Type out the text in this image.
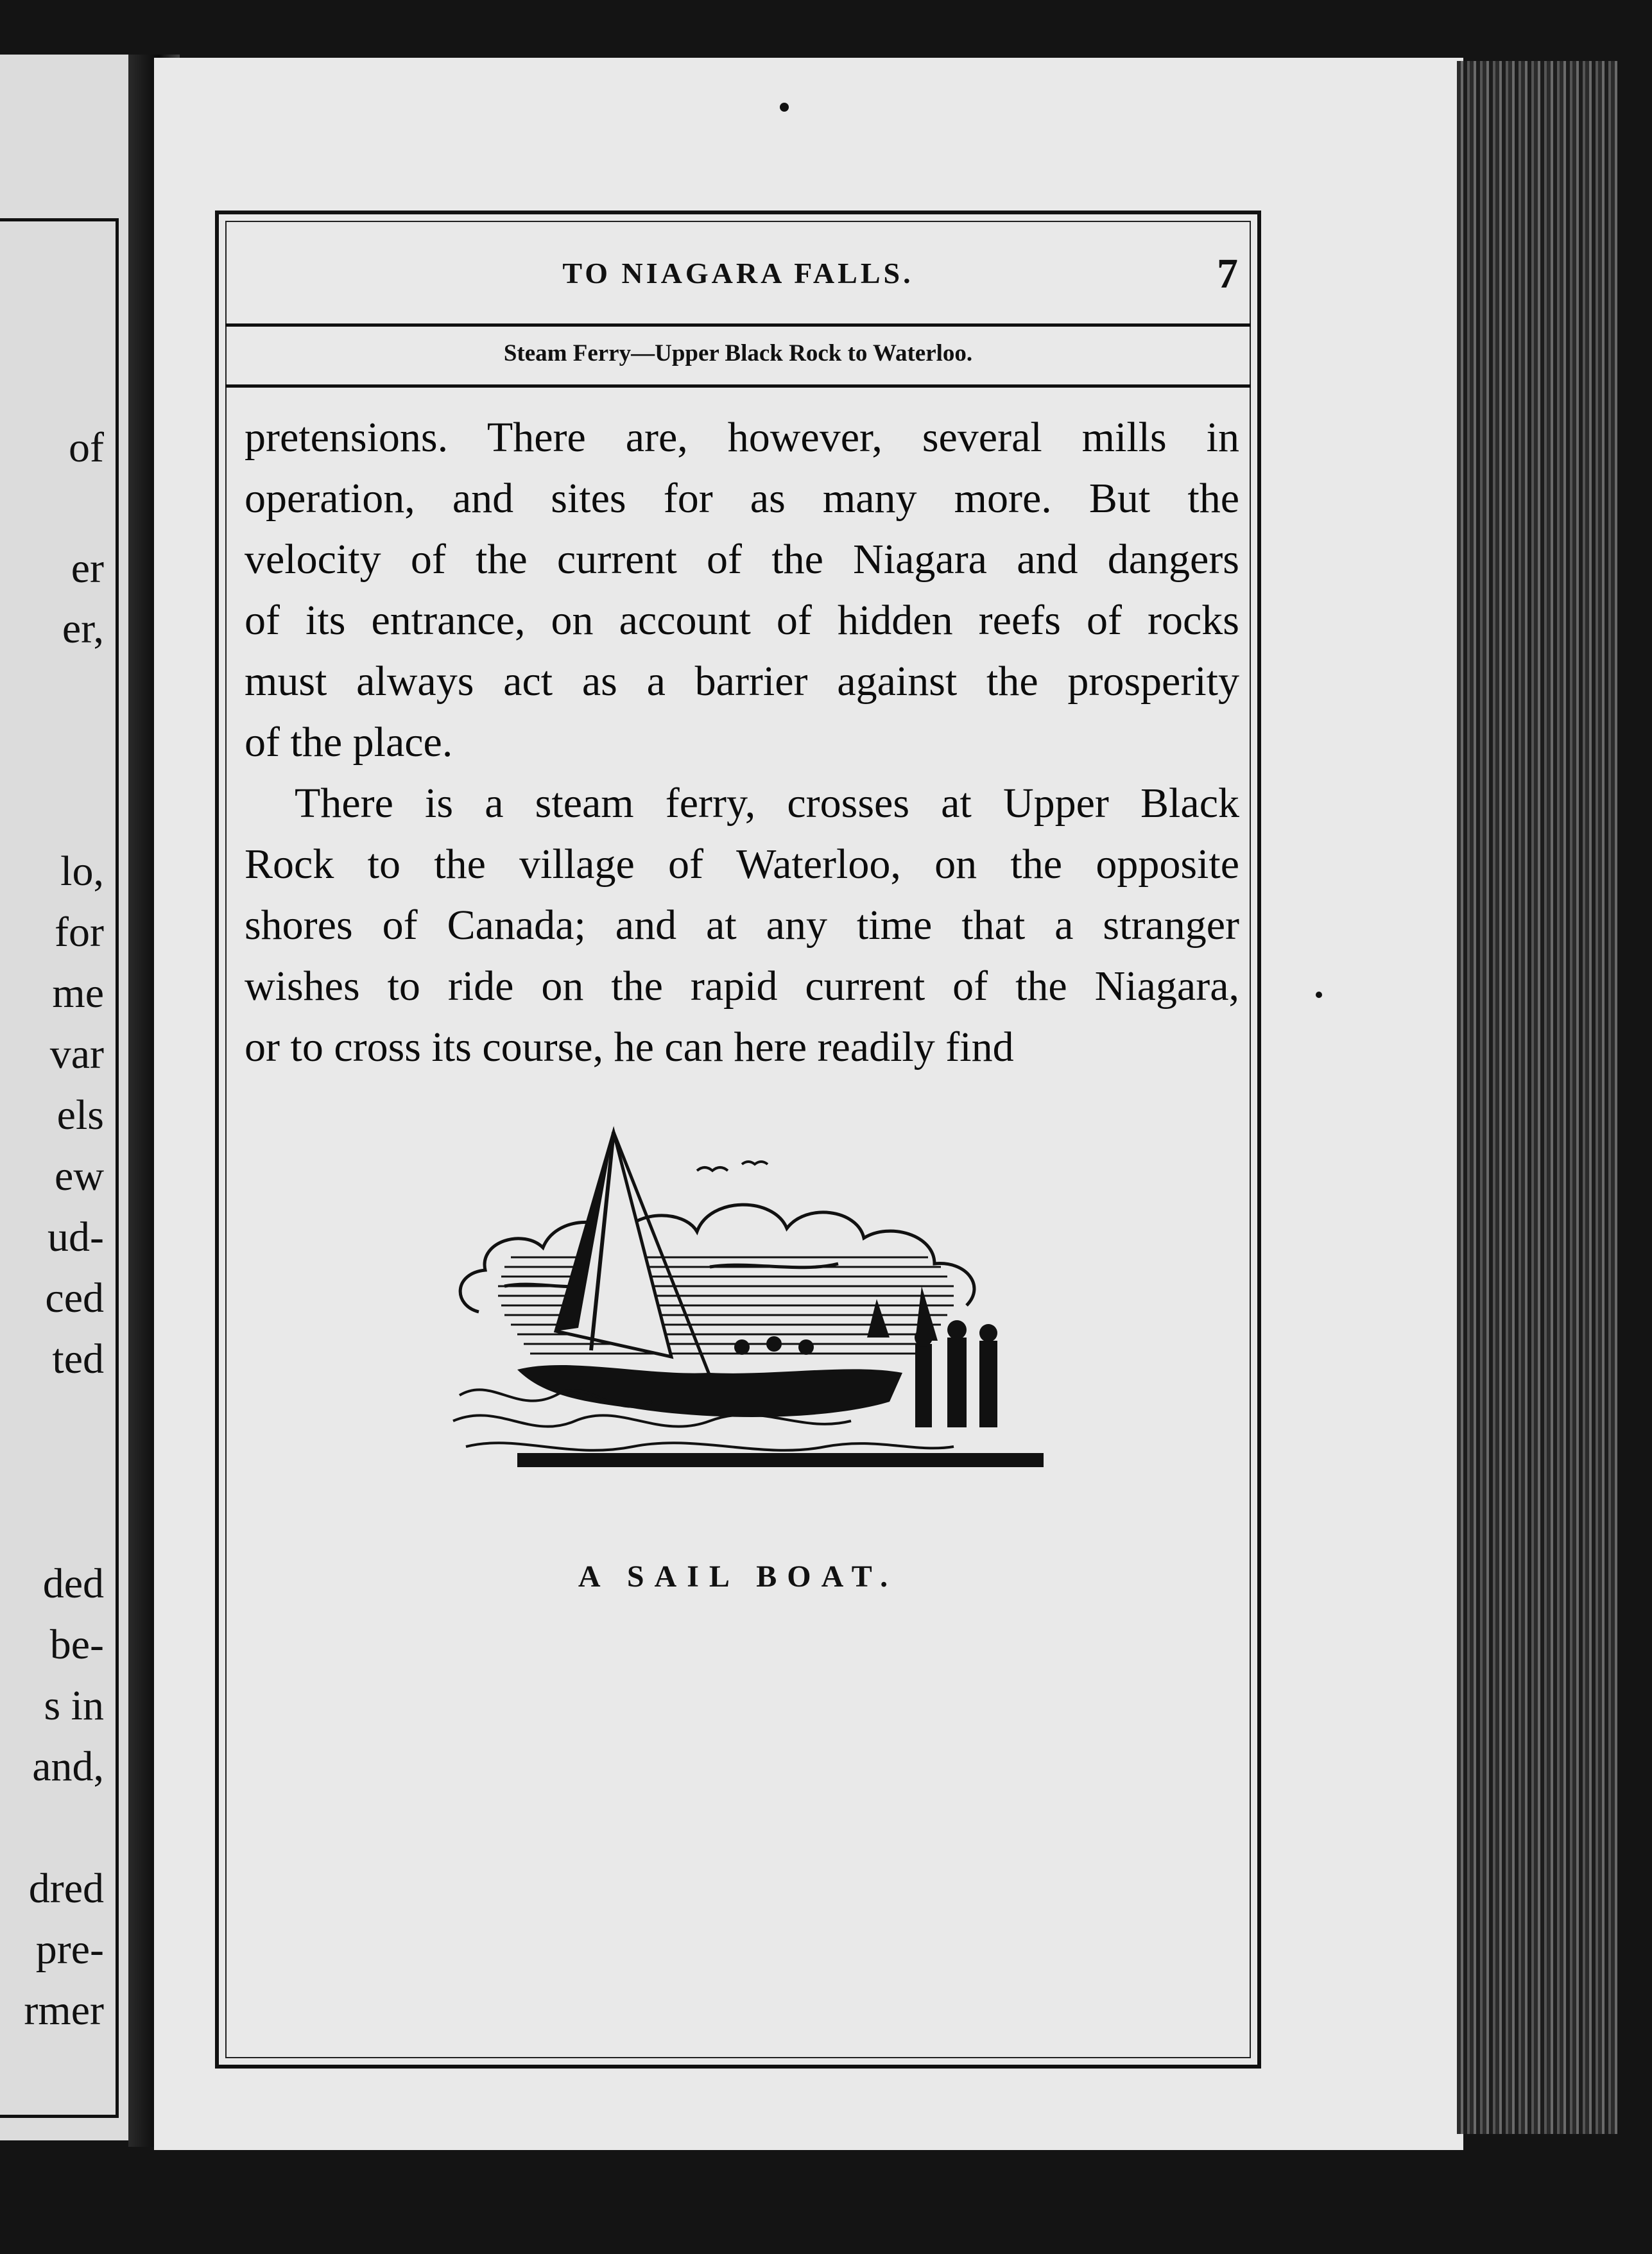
of
er
er,
lo,
for
me
var
els
ew
ud-
ced
ted
ded
be-
s in
and,
dred
pre-
rmer
TO NIAGARA FALLS.	7
Steam Ferry—Upper Black Rock to Waterloo.
pretensions. There are, however, several mills in
operation, and sites for as many more. But the
velocity of the current of the Niagara and dangers
of its entrance, on account of hidden reefs of rocks
must always act as a barrier against the prosperity
of the place.
There is a steam ferry, crosses at Upper Black
Rock to the village of Waterloo, on the opposite
shores of Canada; and at any time that a stranger
wishes to ride on the rapid current of the Niagara,
or to cross its course, he can here readily find
A SAIL BOAT.
